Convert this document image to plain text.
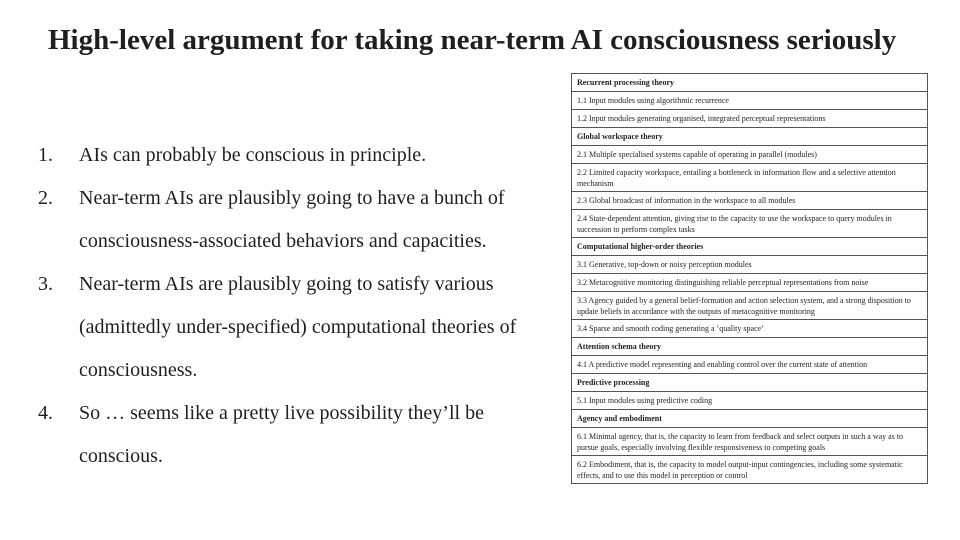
High-level argument for taking near-term AI consciousness seriously
1. AIs can probably be conscious in principle.
2. Near-term AIs are plausibly going to have a bunch of consciousness-associated behaviors and capacities.
3. Near-term AIs are plausibly going to satisfy various (admittedly under-specified) computational theories of consciousness.
4. So … seems like a pretty live possibility they’ll be conscious.
Recurrent processing theory
1.1 Input modules using algorithmic recurrence
1.2 Input modules generating organised, integrated perceptual representations
Global workspace theory
2.1 Multiple specialised systems capable of operating in parallel (modules)
2.2 Limited capacity workspace, entailing a bottleneck in information flow and a selective attention mechanism
2.3 Global broadcast of information in the workspace to all modules
2.4 State-dependent attention, giving rise to the capacity to use the workspace to query modules in succession to perform complex tasks
Computational higher-order theories
3.1 Generative, top-down or noisy perception modules
3.2 Metacognitive monitoring distinguishing reliable perceptual representations from noise
3.3 Agency guided by a general belief-formation and action selection system, and a strong disposition to update beliefs in accordance with the outputs of metacognitive monitoring
3.4 Sparse and smooth coding generating a ‘quality space’
Attention schema theory
4.1 A predictive model representing and enabling control over the current state of attention
Predictive processing
5.1 Input modules using predictive coding
Agency and embodiment
6.1 Minimal agency, that is, the capacity to learn from feedback and select outputs in such a way as to pursue goals, especially involving flexible responsiveness to competing goals
6.2 Embodiment, that is, the capacity to model output-input contingencies, including some systematic effects, and to use this model in perception or control
